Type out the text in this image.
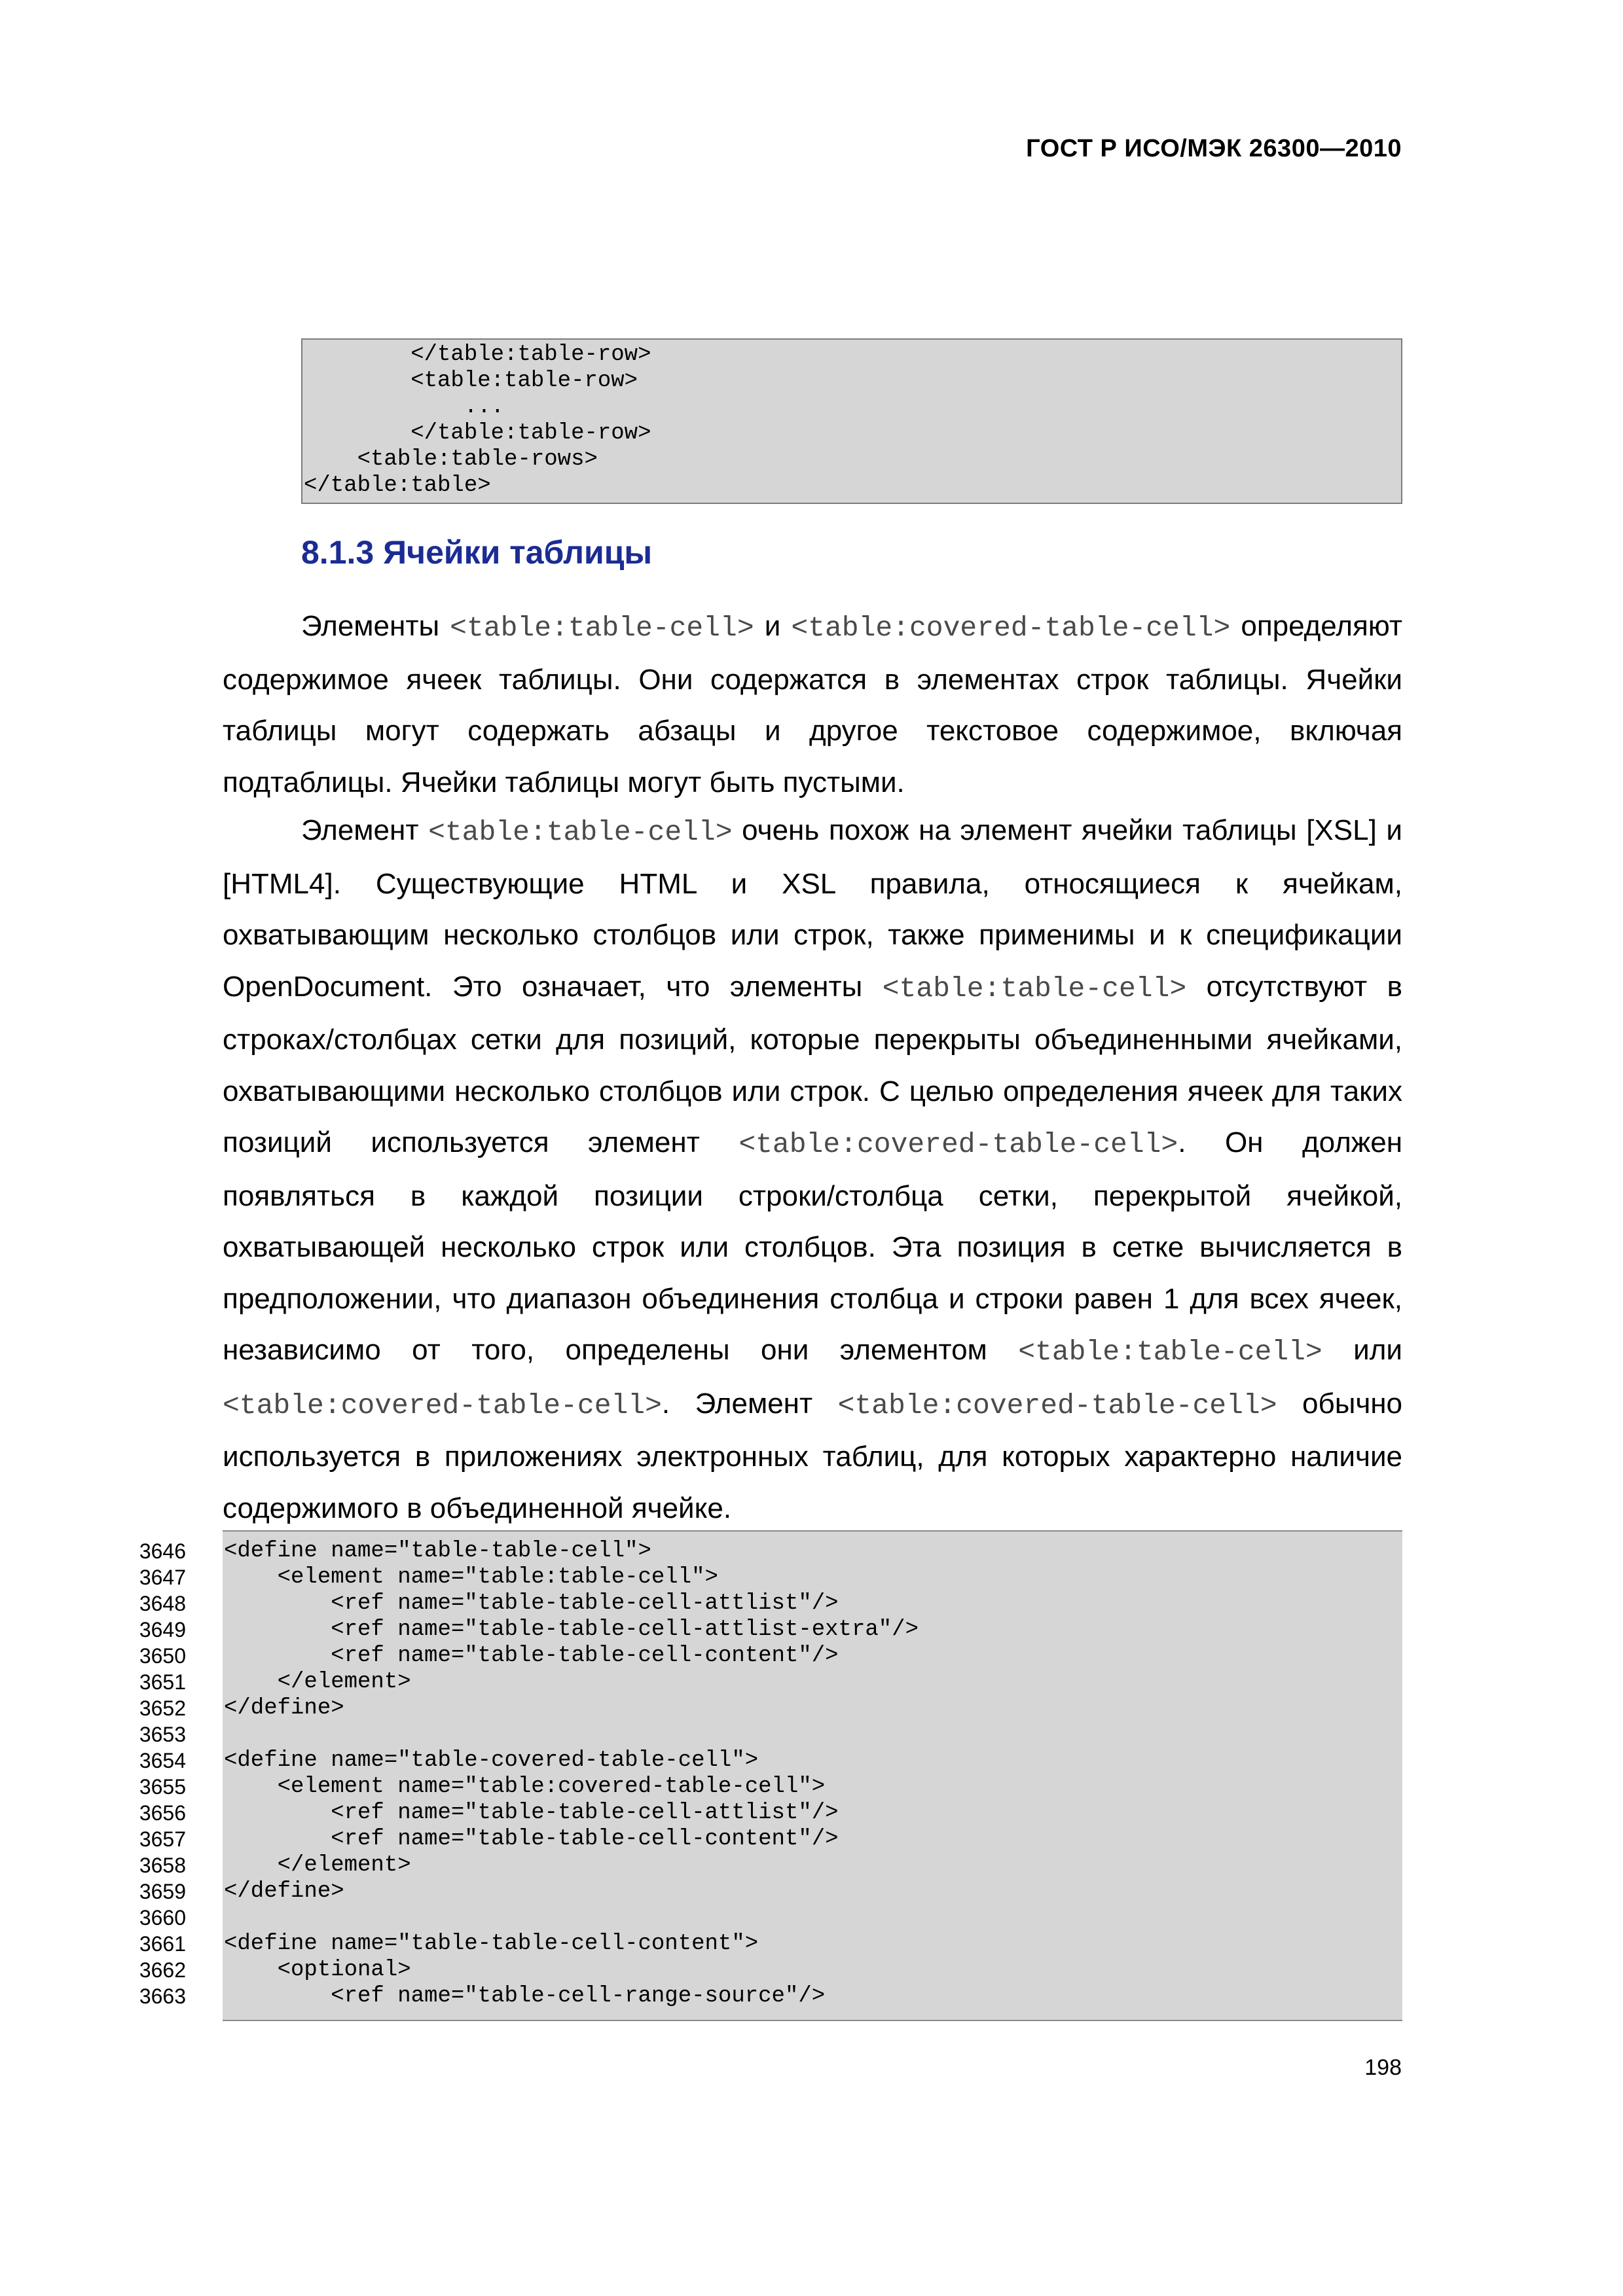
ГОСТ Р ИСО/МЭК 26300—2010
</table:table-row>
<table:table-row>
...
</table:table-row>
<table:table-rows>
</table:table>
8.1.3 Ячейки таблицы
Элементы <table:table-cell> и <table:covered-table-cell> определяют содержимое ячеек таблицы. Они содержатся в элементах строк таблицы. Ячейки таблицы могут содержать абзацы и другое текстовое содержимое, включая подтаблицы. Ячейки таблицы могут быть пустыми.
Элемент <table:table-cell> очень похож на элемент ячейки таблицы [XSL] и [HTML4]. Существующие HTML и XSL правила, относящиеся к ячейкам, охватывающим несколько столбцов или строк, также применимы и к спецификации OpenDocument. Это означает, что элементы <table:table-cell> отсутствуют в строках/столбцах сетки для позиций, которые перекрыты объединенными ячейками, охватывающими несколько столбцов или строк. С целью определения ячеек для таких позиций используется элемент <table:covered-table-cell>. Он должен появляться в каждой позиции строки/столбца сетки, перекрытой ячейкой, охватывающей несколько строк или столбцов. Эта позиция в сетке вычисляется в предположении, что диапазон объединения столбца и строки равен 1 для всех ячеек, независимо от того, определены они элементом <table:table-cell> или <table:covered-table-cell>. Элемент <table:covered-table-cell> обычно используется в приложениях электронных таблиц, для которых характерно наличие содержимого в объединенной ячейке.
3646
3647
3648
3649
3650
3651
3652
3653
3654
3655
3656
3657
3658
3659
3660
3661
3662
3663
<define name="table-table-cell">
<element name="table:table-cell">
<ref name="table-table-cell-attlist"/>
<ref name="table-table-cell-attlist-extra"/>
<ref name="table-table-cell-content"/>
</element>
</define>
<define name="table-covered-table-cell">
<element name="table:covered-table-cell">
<ref name="table-table-cell-attlist"/>
<ref name="table-table-cell-content"/>
</element>
</define>
<define name="table-table-cell-content">
<optional>
<ref name="table-cell-range-source"/>
198
